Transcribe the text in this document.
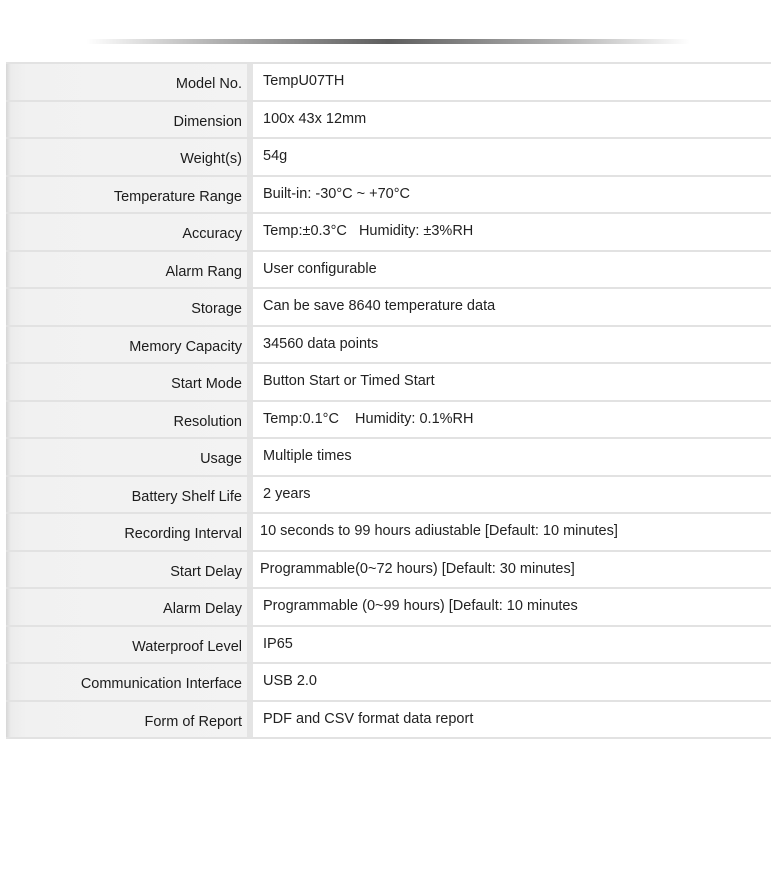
Model No.	TempU07TH
Dimension	100x 43x 12mm
Weight(s)	54g
Temperature Range	Built-in: -30°C ~ +70°C
Accuracy	Temp:±0.3°C   Humidity: ±3%RH
Alarm Rang	User configurable
Storage	Can be save 8640 temperature data
Memory Capacity	34560 data points
Start Mode	Button Start or Timed Start
Resolution	Temp:0.1°C    Humidity: 0.1%RH
Usage	Multiple times
Battery Shelf Life	2 years
Recording Interval	10 seconds to 99 hours adiustable [Default: 10 minutes]
Start Delay	Programmable(0~72 hours) [Default: 30 minutes]
Alarm Delay	Programmable (0~99 hours) [Default: 10 minutes
Waterproof Level	IP65
Communication Interface	USB 2.0
Form of Report	PDF and CSV format data report
